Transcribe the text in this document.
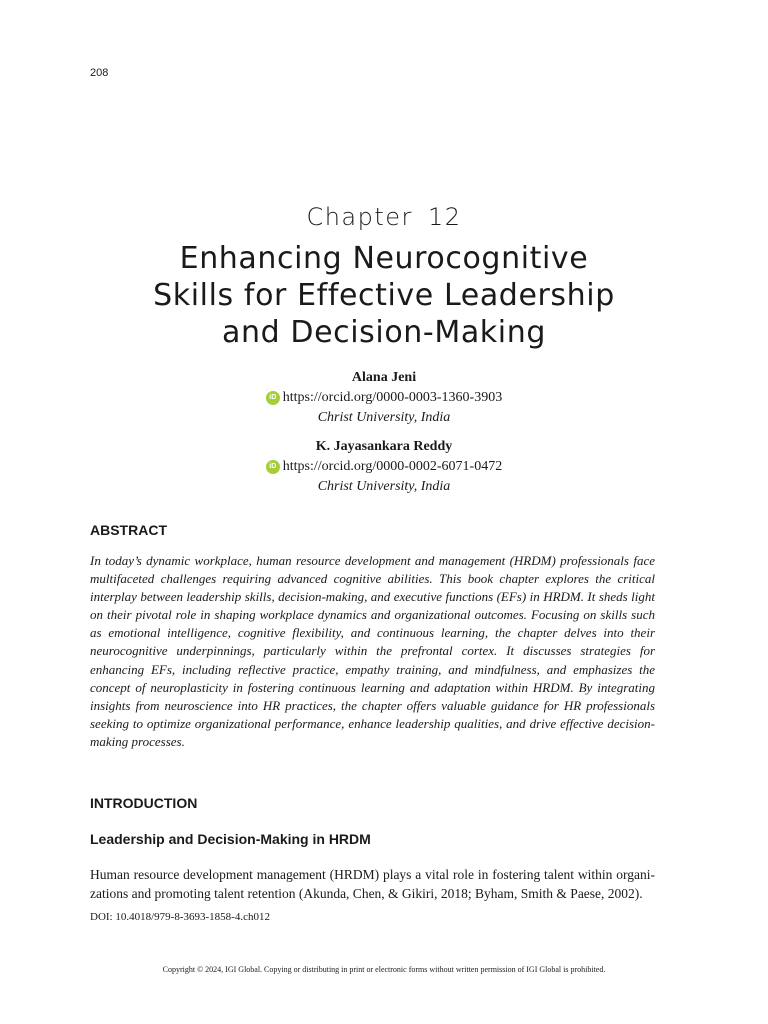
208
Chapter 12
Enhancing Neurocognitive
Skills for Effective Leadership
and Decision-Making
Alana Jeni
iD https://orcid.org/0000-0003-1360-3903
Christ University, India
K. Jayasankara Reddy
iD https://orcid.org/0000-0002-6071-0472
Christ University, India
ABSTRACT
In today’s dynamic workplace, human resource development and management (HRDM) professionals face multifaceted challenges requiring advanced cognitive abilities. This book chapter explores the critical interplay between leadership skills, decision-making, and executive functions (EFs) in HRDM. It sheds light on their pivotal role in shaping workplace dynamics and organizational outcomes. Focusing on skills such as emotional intelligence, cognitive flexibility, and continuous learning, the chapter delves into their neurocognitive underpinnings, particularly within the prefrontal cortex. It discusses strategies for enhancing EFs, including reflective practice, empathy training, and mindfulness, and emphasizes the concept of neuroplasticity in fostering continuous learning and adaptation within HRDM. By integrating insights from neuroscience into HR practices, the chapter offers valuable guidance for HR professionals seeking to optimize organizational performance, enhance leadership qualities, and drive effective decision-making processes.
INTRODUCTION
Leadership and Decision-Making in HRDM
Human resource development management (HRDM) plays a vital role in fostering talent within organizations and promoting talent retention (Akunda, Chen, & Gikiri, 2018; Byham, Smith & Paese, 2002).
DOI: 10.4018/979-8-3693-1858-4.ch012
Copyright © 2024, IGI Global. Copying or distributing in print or electronic forms without written permission of IGI Global is prohibited.
